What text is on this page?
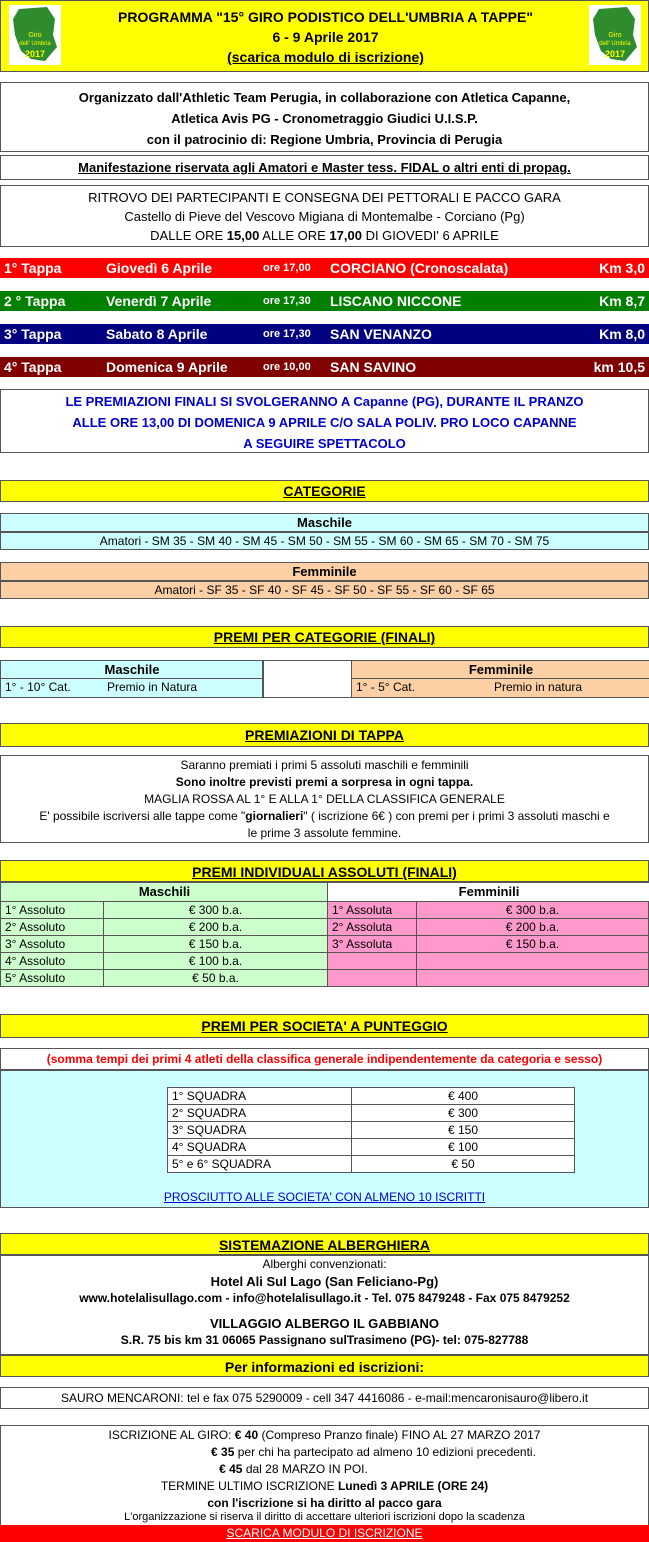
Giro
dell' Umbria
2017
Giro
dell' Umbria
2017
PROGRAMMA "15° GIRO PODISTICO DELL'UMBRIA A TAPPE"
6 - 9 Aprile 2017
(scarica modulo di iscrizione)
Organizzato dall'Athletic Team Perugia, in collaborazione con Atletica Capanne,
Atletica Avis PG - Cronometraggio Giudici U.I.S.P.
con il patrocinio di: Regione Umbria, Provincia di Perugia
Manifestazione riservata agli Amatori e Master tess. FIDAL o altri enti di propag.
RITROVO DEI PARTECIPANTI E CONSEGNA DEI PETTORALI E PACCO GARA
Castello di Pieve del Vescovo Migiana di Montemalbe - Corciano (Pg)
DALLE ORE 15,00 ALLE ORE 17,00 DI GIOVEDI' 6 APRILE
1° Tappa	Giovedì 6 Aprile	ore 17,00 CORCIANO (Cronoscalata)	Km 3,0
2 ° Tappa	Venerdì 7 Aprile	ore 17,30 LISCANO NICCONE	Km 8,7
3° Tappa	Sabato 8 Aprile	ore 17,30 SAN VENANZO	Km 8,0
4° Tappa	Domenica 9 Aprile	ore 10,00 SAN SAVINO	km 10,5
LE PREMIAZIONI FINALI SI SVOLGERANNO A Capanne (PG), DURANTE IL PRANZO
ALLE ORE 13,00 DI DOMENICA 9 APRILE C/O SALA POLIV. PRO LOCO CAPANNE
A SEGUIRE SPETTACOLO
CATEGORIE
Maschile
Amatori - SM 35 - SM 40 - SM 45 - SM 50 - SM 55 - SM 60 - SM 65 - SM 70 - SM 75
Femminile
Amatori - SF 35 - SF 40 - SF 45 - SF 50 - SF 55 - SF 60 - SF 65
PREMI PER CATEGORIE (FINALI)
Maschile
1° - 10° Cat.	Premio in Natura
Femminile
1° - 5° Cat.	Premio in natura
PREMIAZIONI DI TAPPA
Saranno premiati i primi 5 assoluti maschili e femminili
Sono inoltre previsti premi a sorpresa in ogni tappa.
MAGLIA ROSSA AL 1° E ALLA 1° DELLA CLASSIFICA GENERALE
E' possibile iscriversi alle tappe come "giornalieri" ( iscrizione 6€ ) con premi per i primi 3 assoluti maschi e
le prime 3 assolute femmine.
PREMI INDIVIDUALI ASSOLUTI (FINALI)
Maschili	Femminili
1° Assoluto	€ 300 b.a.	1° Assoluta	€ 300 b.a.
2° Assoluto	€ 200 b.a.	2° Assoluta	€ 200 b.a.
3° Assoluto	€ 150 b.a.	3° Assoluta	€ 150 b.a.
4° Assoluto	€ 100 b.a.		
5° Assoluto	€ 50 b.a.		
PREMI PER SOCIETA' A PUNTEGGIO
(somma tempi dei primi 4 atleti della classifica generale indipendentemente da categoria e sesso)
1° SQUADRA	€ 400
2° SQUADRA	€ 300
3° SQUADRA	€ 150
4° SQUADRA	€ 100
5° e 6° SQUADRA	€ 50
PROSCIUTTO ALLE SOCIETA' CON ALMENO 10 ISCRITTI
SISTEMAZIONE ALBERGHIERA
Alberghi convenzionati:
Hotel Ali Sul Lago (San Feliciano-Pg)
www.hotelalisullago.com - info@hotelalisullago.it - Tel. 075 8479248 - Fax 075 8479252
VILLAGGIO ALBERGO IL GABBIANO
S.R. 75 bis km 31 06065 Passignano sulTrasimeno (PG)- tel: 075-827788
Per informazioni ed iscrizioni:
SAURO MENCARONI: tel e fax 075 5290009 - cell 347 4416086 - e-mail:mencaronisauro@libero.it
ISCRIZIONE AL GIRO: € 40 (Compreso Pranzo finale) FINO AL 27 MARZO 2017
€ 35 per chi ha partecipato ad almeno 10 edizioni precedenti.
€ 45 dal 28 MARZO IN POI.
TERMINE ULTIMO ISCRIZIONE Lunedì 3 APRILE (ORE 24)
con l'iscrizione si ha diritto al pacco gara
L'organizzazione si riserva il diritto di accettare ulteriori iscrizioni dopo la scadenza
SCARICA MODULO DI ISCRIZIONE
